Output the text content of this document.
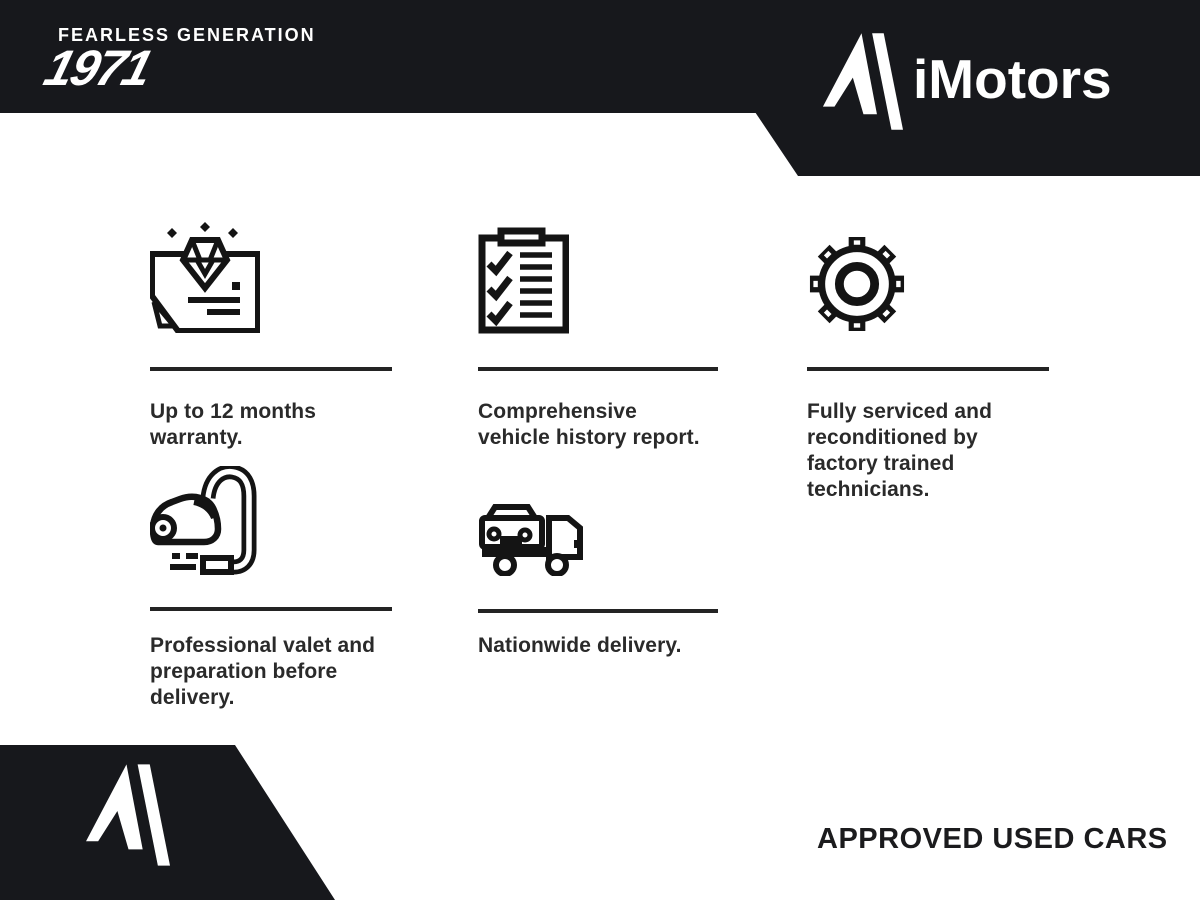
FEARLESS GENERATION
1971	iMotors
Up to 12 months warranty.
Comprehensive vehicle history report.
Fully serviced and reconditioned by factory trained technicians.
Professional valet and preparation before delivery.
Nationwide delivery.
APPROVED USED CARS
